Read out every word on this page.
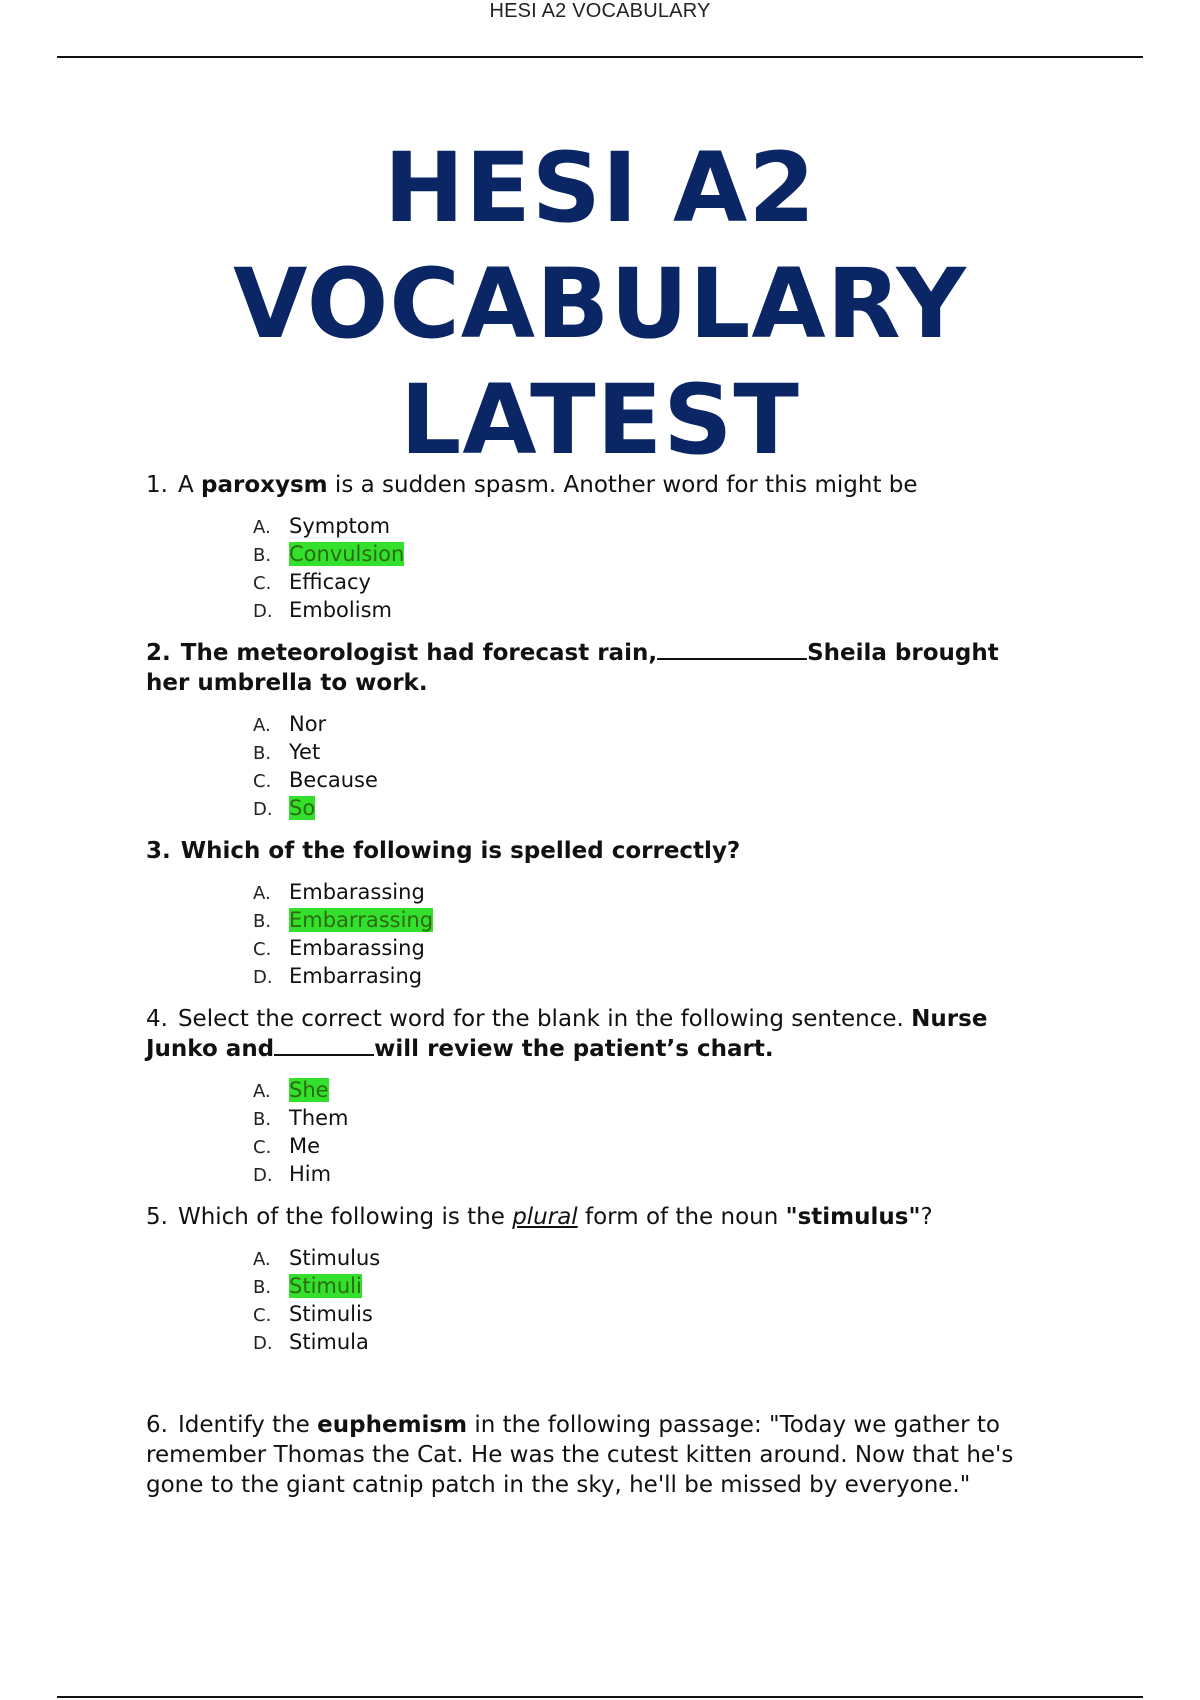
HESI A2 VOCABULARY
HESI A2
VOCABULARY
LATEST

1. A paroxysm is a sudden spasm. Another word for this might be

A. Symptom
B. Convulsion
C. Efficacy
D. Embolism

2. The meteorologist had forecast rain,	Sheila brought
her umbrella to work.

A. Nor
B. Yet
C. Because
D. So

3. Which of the following is spelled correctly?

A. Embarassing
B. Embarrassing
C. Embarassing
D. Embarrasing

4. Select the correct word for the blank in the following sentence. Nurse
Junko and	will review the patient’s chart.

A. She
B. Them
C. Me
D. Him

5. Which of the following is the plural form of the noun "stimulus"?

A. Stimulus
B. Stimuli
C. Stimulis
D. Stimula

6. Identify the euphemism in the following passage: "Today we gather to remember Thomas the Cat. He was the cutest kitten around. Now that he's gone to the giant catnip patch in the sky, he'll be missed by everyone."
